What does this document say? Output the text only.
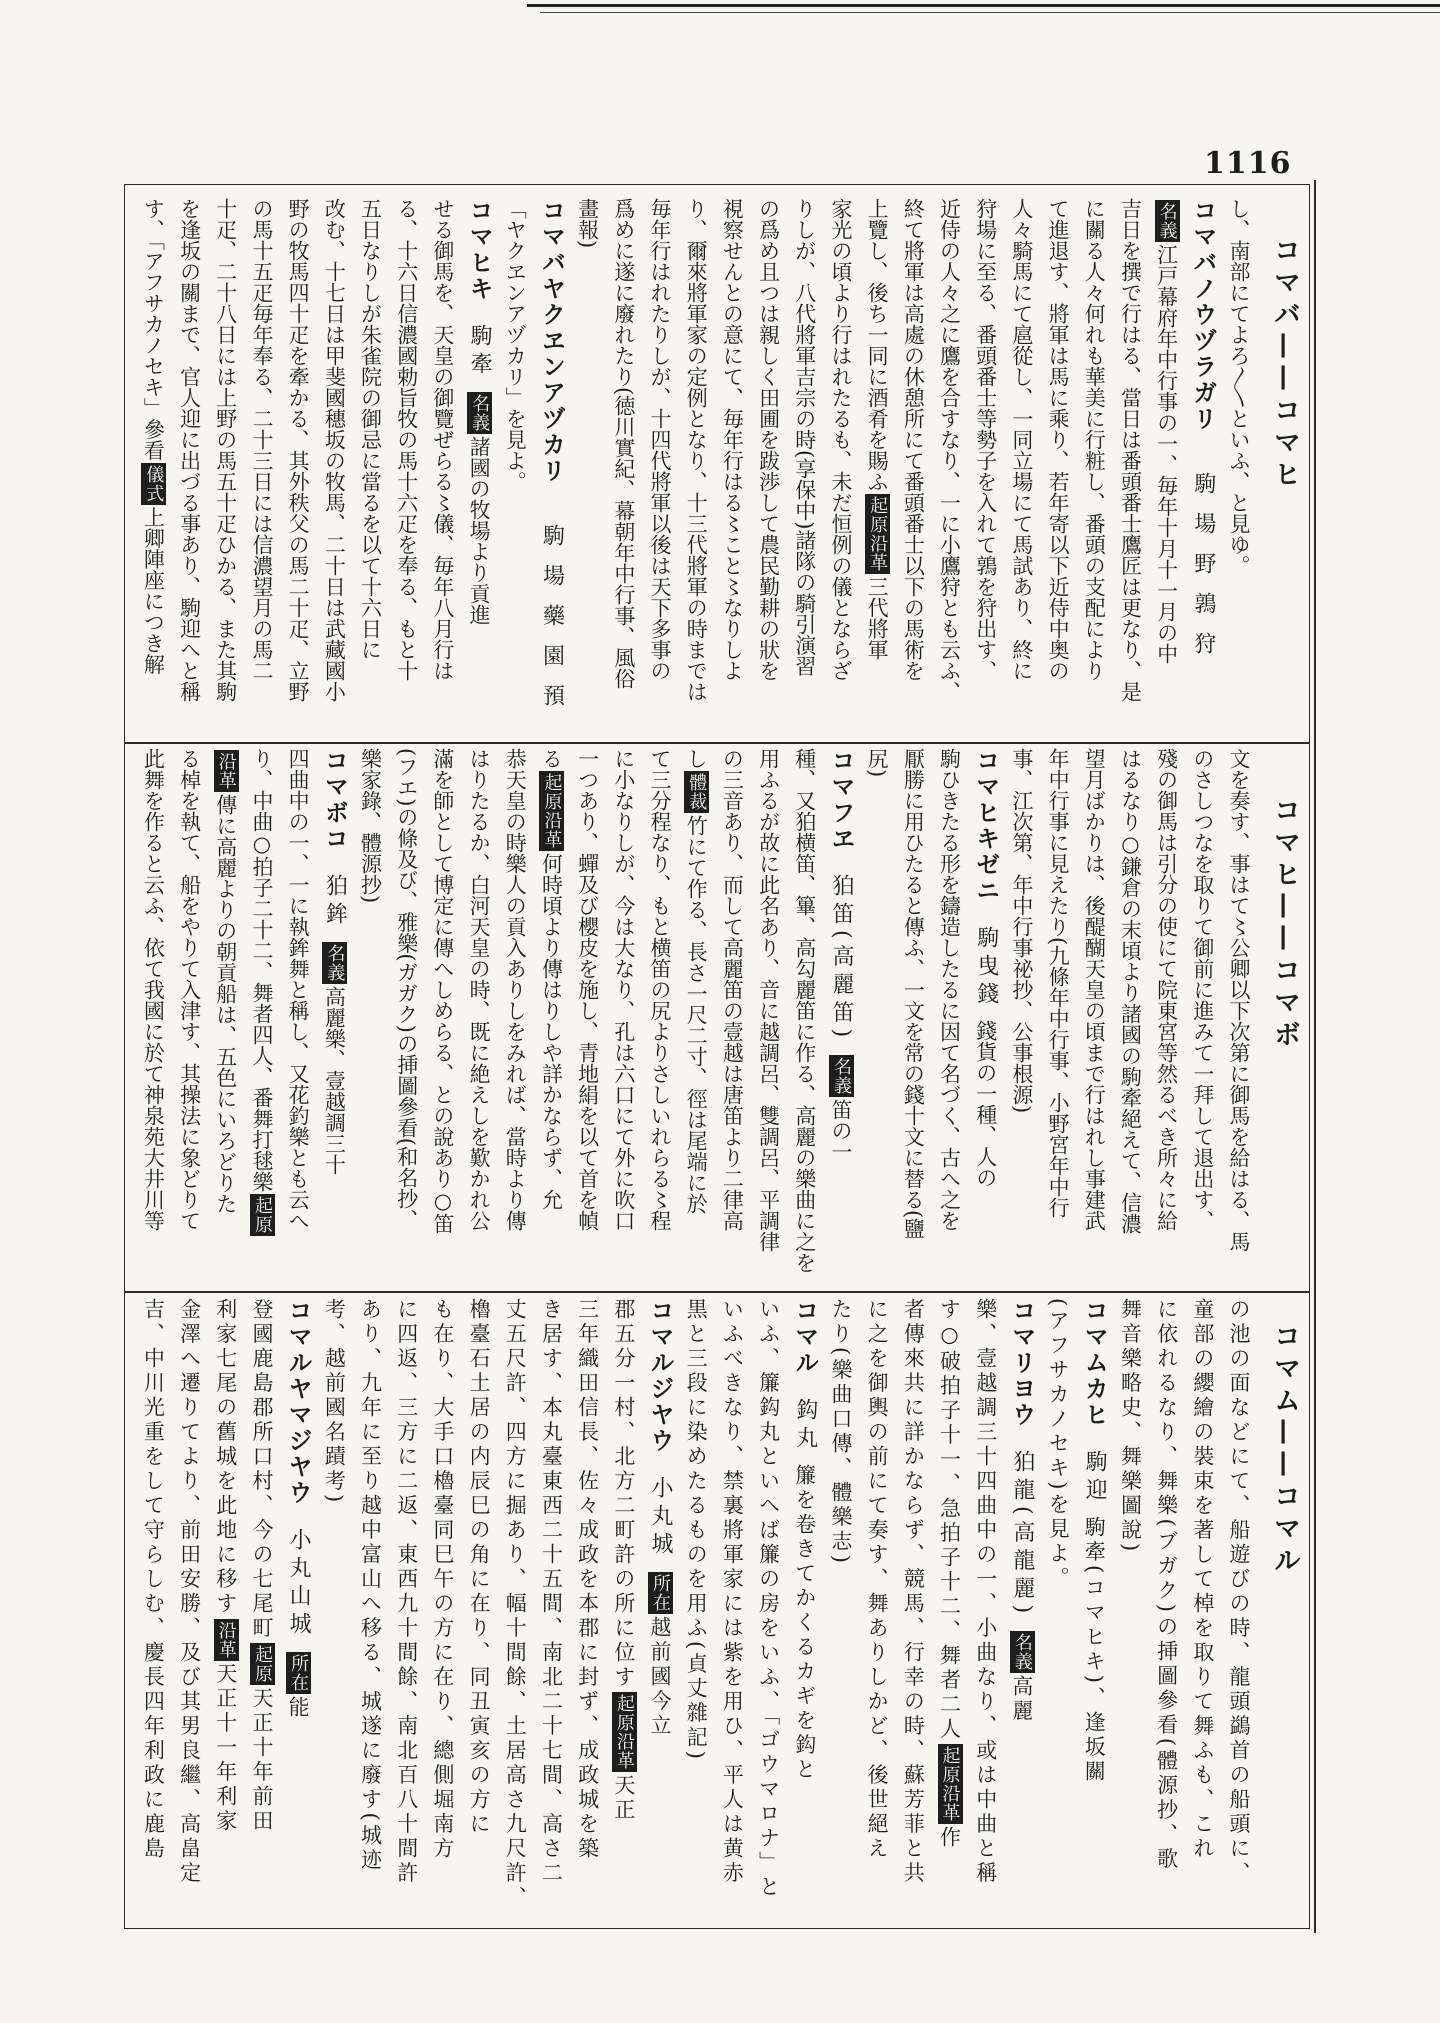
1116
コマバ——コマヒ
コマヒ——コマボ
コマム——コマル
し、南部にてよろ〳〵といふ、と見ゆ。
コマバノウヅラガリ駒場野鶉狩
名義江戸幕府年中行事の一、毎年十月十一月の中
吉日を撰で行はる、當日は番頭番士鷹匠は更なり、是
に關る人々何れも華美に行粧し、番頭の支配により
て進退す、將軍は馬に乘り、若年寄以下近侍中奥の
人々騎馬にて扈從し、一同立場にて馬試あり、終に
狩場に至る、番頭番士等勢子を入れて鶉を狩出す、
近侍の人々之に鷹を合すなり、一に小鷹狩とも云ふ、
終て將軍は高處の休憩所にて番頭番士以下の馬術を
上覽し、後ち一同に酒肴を賜ふ起原沿革三代將軍
家光の頃より行はれたるも、未だ恒例の儀とならざ
りしが、八代將軍吉宗の時(享保中)諸隊の騎引演習
の爲め且つは親しく田圃を跋渉して農民勤耕の狀を
視察せんとの意にて、毎年行はる〻こと〻なりしよ
り、爾來將軍家の定例となり、十三代將軍の時までは
毎年行はれたりしが、十四代將軍以後は天下多事の
爲めに遂に廢れたり(徳川實紀、幕朝年中行事、風俗
畫報)
コマバヤクヱンアヅカリ駒場藥園預
「ヤクヱンアヅカリ」を見よ。
コマヒキ駒牽名義諸國の牧場より貢進
せる御馬を、天皇の御覽ぜらる〻儀、毎年八月行は
る、十六日信濃國勅旨牧の馬十六疋を奉る、もと十
五日なりしが朱雀院の御忌に當るを以て十六日に
改む、十七日は甲斐國穗坂の牧馬、二十日は武藏國小
野の牧馬四十疋を牽かる、其外秩父の馬二十疋、立野
の馬十五疋毎年奉る、二十三日には信濃望月の馬二
十疋、二十八日には上野の馬五十疋ひかる、また其駒
を逢坂の關まで、官人迎に出づる事あり、駒迎へと稱
す、「アフサカノセキ」參看儀式上卿陣座につき解
文を奏す、事はて〻公卿以下次第に御馬を給はる、馬
のさしつなを取りて御前に進みて一拜して退出す、
殘の御馬は引分の使にて院東宮等然るべき所々に給
はるなり○鎌倉の末頃より諸國の駒牽絕えて、信濃
望月ばかりは、後醍醐天皇の頃まで行はれし事建武
年中行事に見えたり(九條年中行事、小野宮年中行
事、江次第、年中行事祕抄、公事根源)
コマヒキゼニ駒曳錢錢貨の一種、人の
駒ひきたる形を鑄造したるに因て名づく、古へ之を
厭勝に用ひたると傳ふ、一文を常の錢十文に替る(鹽
尻)
コマフヱ狛笛(高麗笛)名義笛の一
種、又狛横笛、篳、高勾麗笛に作る、高麗の樂曲に之を
用ふるが故に此名あり、音に越調呂、雙調呂、平調律
の三音あり、而して高麗笛の壹越は唐笛より二律高
し體裁竹にて作る、長さ一尺二寸、徑は尾端に於
て三分程なり、もと横笛の尻よりさしいれらる〻程
に小なりしが、今は大なり、孔は六口にて外に吹口
一つあり、蟬及び櫻皮を施し、青地絹を以て首を幀
る起原沿革何時頃より傳はりしや詳かならず、允
恭天皇の時樂人の貢入ありしをみれば、當時より傳
はりたるか、白河天皇の時、既に絶えしを歎かれ公
滿を師として博定に傳へしめらる、との說あり○笛
(フエ)の條及び、雅樂(ガガク)の挿圖參看(和名抄、
樂家錄、體源抄)
コマボコ狛鉾名義高麗樂、壹越調三十
四曲中の一、一に執鉾舞と稱し、又花釣樂とも云へ
り、中曲○拍子二十二、舞者四人、番舞打毬樂起原
沿革傳に高麗よりの朝貢船は、五色にいろどりた
る棹を執て、船をやりて入津す、其操法に象どりて
此舞を作ると云ふ、依て我國に於て神泉苑大井川等
の池の面などにて、船遊びの時、龍頭鷁首の船頭に、
童部の纓繪の裝束を著して棹を取りて舞ふも、これ
に依れるなり、舞樂(ブガク)の挿圖參看(體源抄、歌
舞音樂略史、舞樂圖說)
コマムカヒ駒迎駒牽(コマヒキ)、逢坂關
(アフサカノセキ)を見よ。
コマリヨウ狛龍(高龍麗)名義高麗
樂、壹越調三十四曲中の一、小曲なり、或は中曲と稱
す○破拍子十一、急拍子十二、舞者二人起原沿革作
者傳來共に詳かならず、競馬、行幸の時、蘇芳菲と共
に之を御輿の前にて奏す、舞ありしかど、後世絕え
たり(樂曲口傳、體樂志)
コマル鈎丸簾を卷きてかくるカギを鈎と
いふ、簾鈎丸といへば簾の房をいふ、「ゴウマロナ」と
いふべきなり、禁裏將軍家には紫を用ひ、平人は黄赤
黒と三段に染めたるものを用ふ(貞丈雜記)
コマルジヤウ小丸城所在越前國今立
郡五分一村、北方二町許の所に位す起原沿革天正
三年織田信長、佐々成政を本郡に封ず、成政城を築
き居す、本丸臺東西二十五間、南北二十七間、高さ二
丈五尺許、四方に掘あり、幅十間餘、土居高さ九尺許、
櫓臺石土居の内辰巳の角に在り、同丑寅亥の方に
も在り、大手口櫓臺同巳午の方に在り、總側堀南方
に四返、三方に二返、東西九十間餘、南北百八十間許
あり、九年に至り越中富山へ移る、城遂に廢す(城迹
考、越前國名蹟考)
コマルヤマジヤウ小丸山城所在能
登國鹿島郡所口村、今の七尾町起原天正十年前田
利家七尾の舊城を此地に移す沿革天正十一年利家
金澤へ遷りてより、前田安勝、及び其男良繼、高畠定
吉、中川光重をして守らしむ、慶長四年利政に鹿島
